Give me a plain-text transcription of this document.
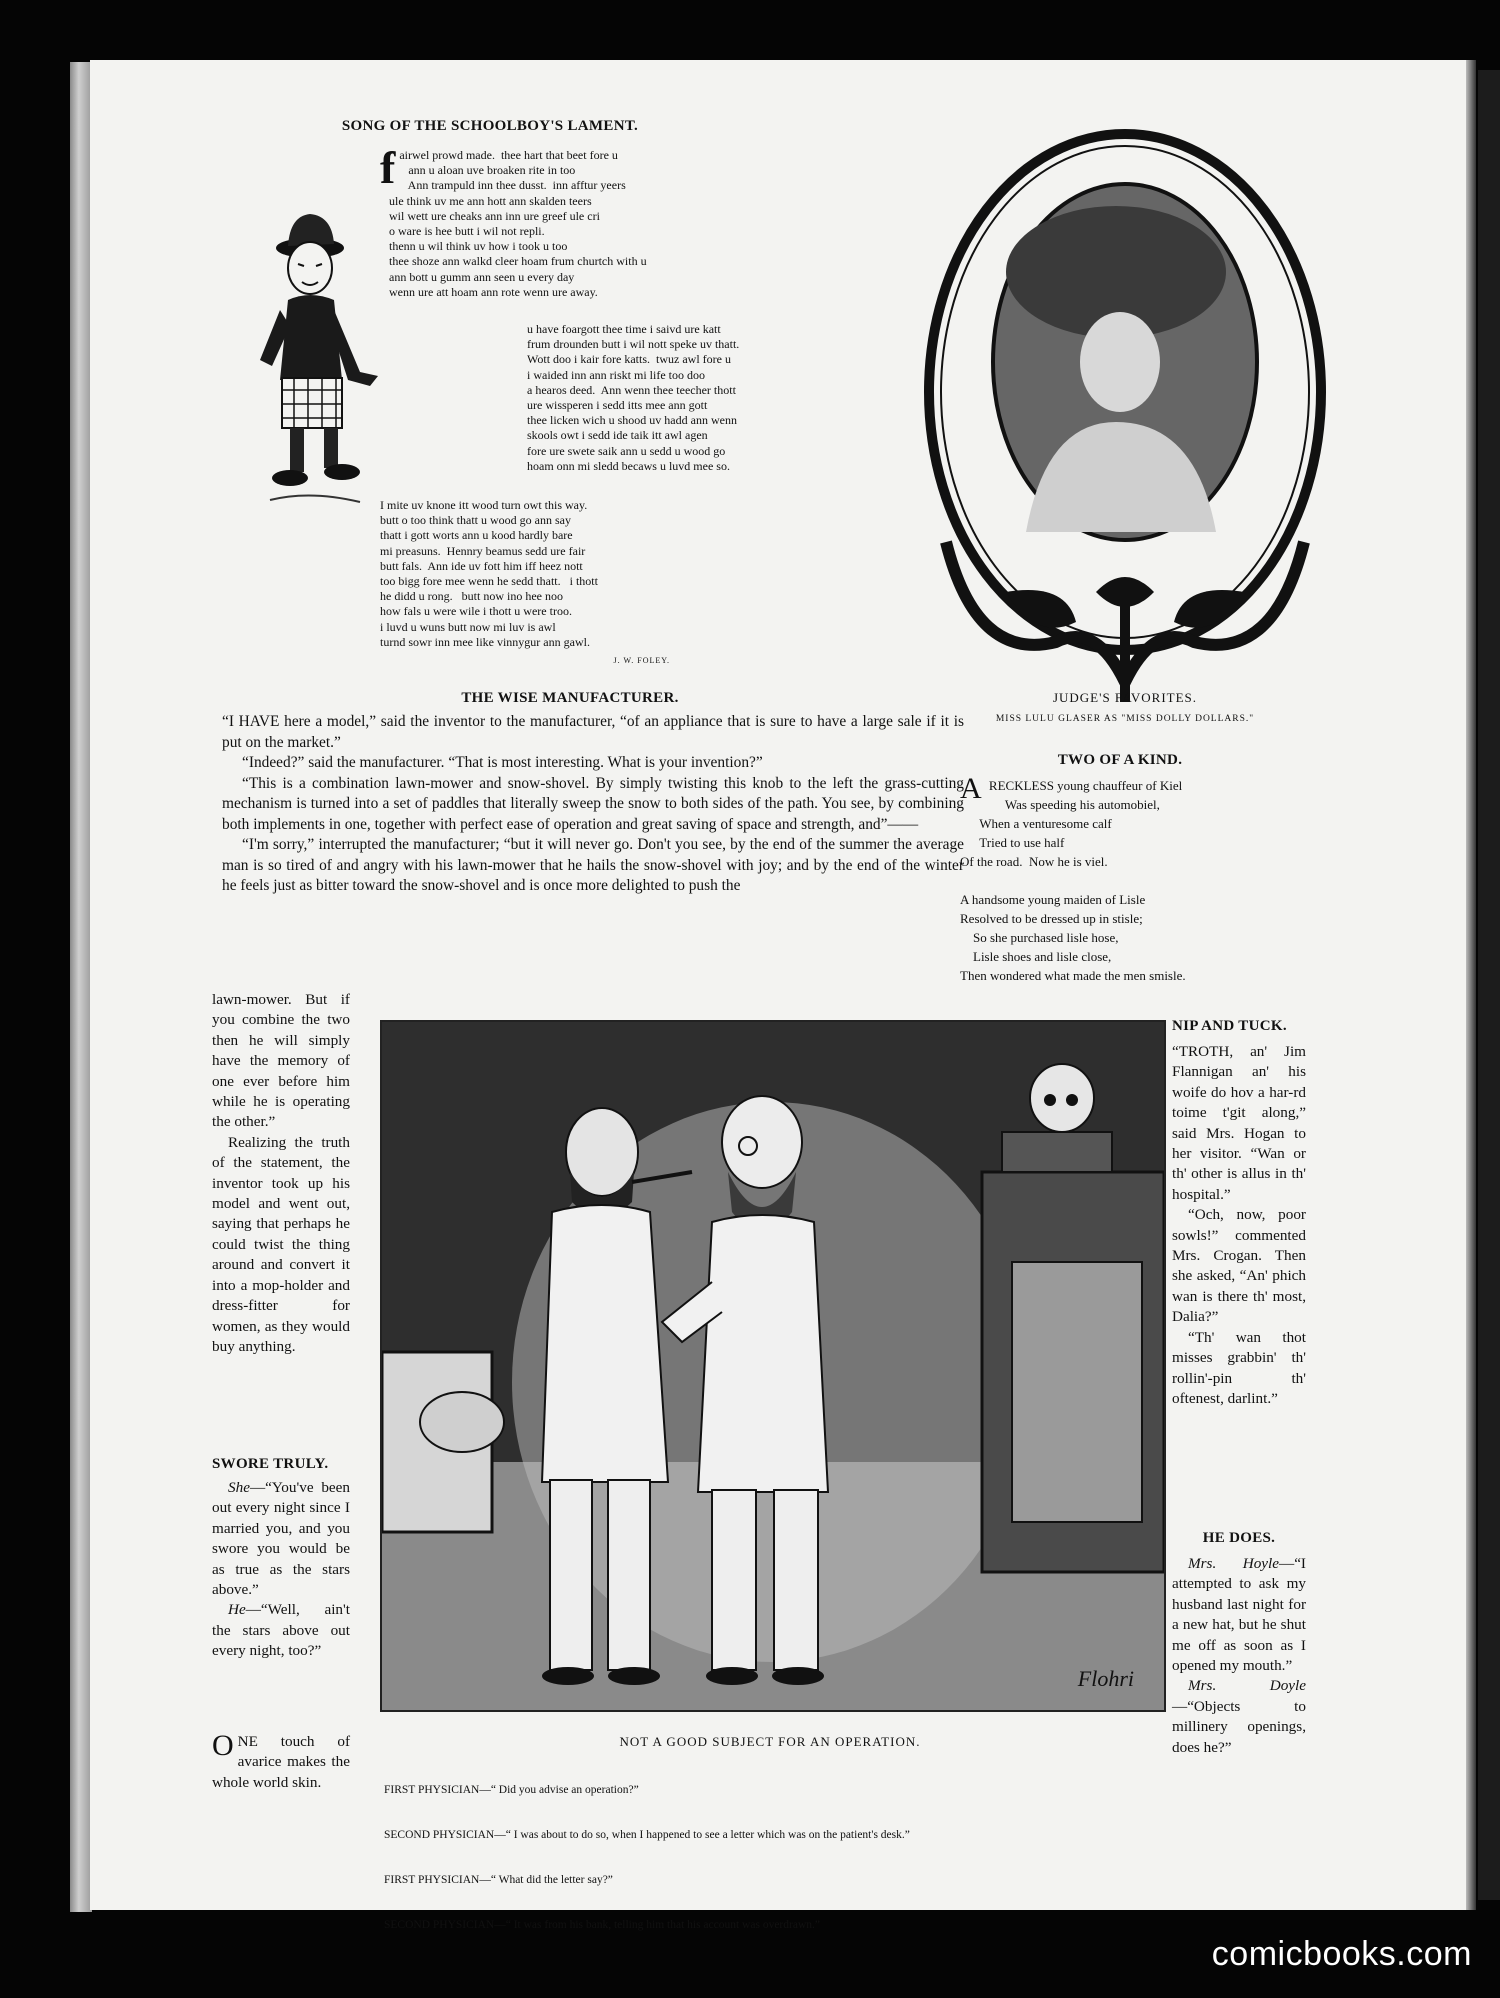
SONG OF THE SCHOOLBOY'S LAMENT.
f airwel prowd made.  thee hart that beet fore u
ann u aloan uve broaken rite in too
Ann trampuld inn thee dusst.  inn afftur yeers
ule think uv me ann hott ann skalden teers
wil wett ure cheaks ann inn ure greef ule cri
o ware is hee butt i wil not repli.
thenn u wil think uv how i took u too
thee shoze ann walkd cleer hoam frum churtch with u
ann bott u gumm ann seen u every day
wenn ure att hoam ann rote wenn ure away.
u have foargott thee time i saivd ure katt
frum drounden butt i wil nott speke uv thatt.
Wott doo i kair fore katts.  twuz awl fore u
i waided inn ann riskt mi life too doo
a hearos deed.  Ann wenn thee teecher thott
ure wissperen i sedd itts mee ann gott
thee licken wich u shood uv hadd ann wenn
skools owt i sedd ide taik itt awl agen
fore ure swete saik ann u sedd u wood go
hoam onn mi sledd becaws u luvd mee so.
I mite uv knone itt wood turn owt this way.
butt o too think thatt u wood go ann say
thatt i gott worts ann u kood hardly bare
mi preasuns.  Hennry beamus sedd ure fair
butt fals.  Ann ide uv fott him iff heez nott
too bigg fore mee wenn he sedd thatt.   i thott
he didd u rong.   butt now ino hee noo
how fals u were wile i thott u were troo.
i luvd u wuns butt now mi luv is awl
turnd sowr inn mee like vinnygur ann gawl.
J. W. FOLEY.
JUDGE'S FAVORITES.
MISS LULU GLASER AS "MISS DOLLY DOLLARS."
THE WISE MANUFACTURER.

“I HAVE here a model,” said the inventor to the manufacturer, “of an appliance that is sure to have a large sale if it is put on the market.”

“Indeed?” said the manufacturer. “That is most interesting. What is your invention?”

“This is a combination lawn-mower and snow-shovel. By simply twisting this knob to the left the grass-cutting mechanism is turned into a set of paddles that literally sweep the snow to both sides of the path. You see, by combining both implements in one, together with perfect ease of operation and great saving of space and strength, and”——

“I'm sorry,” interrupted the manufacturer; “but it will never go. Don't you see, by the end of the summer the average man is so tired of and angry with his lawn-mower that he hails the snow-shovel with joy; and by the end of the winter he feels just as bitter toward the snow-shovel and is once more delighted to push the

lawn-mower. But if you combine the two then he will simply have the memory of one ever before him while he is operating the other.”

Realizing the truth of the statement, the inventor took up his model and went out, saying that perhaps he could twist the thing around and convert it into a mop-holder and dress-fitter for women, as they would buy anything.

TWO OF A KIND.
A RECKLESS young chauffeur of Kiel
Was speeding his automobiel,
When a venturesome calf
Tried to use half
Of the road.  Now he is viel.
A handsome young maiden of Lisle
Resolved to be dressed up in stisle;
So she purchased lisle hose,
Lisle shoes and lisle close,
Then wondered what made the men smisle.
Flohri
NOT A GOOD SUBJECT FOR AN OPERATION.

FIRST PHYSICIAN—“ Did you advise an operation?”

SECOND PHYSICIAN—“ I was about to do so, when I happened to see a letter which was on the patient's desk.”

FIRST PHYSICIAN—“ What did the letter say?”

SECOND PHYSICIAN—“ It was from his bank, telling him that his account was overdrawn.”

SWORE TRULY.

She—“You've been out every night since I married you, and you swore you would be as true as the stars above.”

He—“Well, ain't the stars above out every night, too?”

ONE touch of avarice makes the whole world skin.
NIP AND TUCK.

“TROTH, an' Jim Flannigan an' his woife do hov a har-rd toime t'git along,” said Mrs. Hogan to her visitor. “Wan or th' other is allus in th' hospital.”

“Och, now, poor sowls!” commented Mrs. Crogan. Then she asked, “An' phich wan is there th' most, Dalia?”

“Th' wan thot misses grabbin' th' rollin'-pin th' oftenest, darlint.”

HE DOES.

Mrs. Hoyle—“I attempted to ask my husband last night for a new hat, but he shut me off as soon as I opened my mouth.”

Mrs. Doyle—“Objects to millinery openings, does he?”

comicbooks.com
